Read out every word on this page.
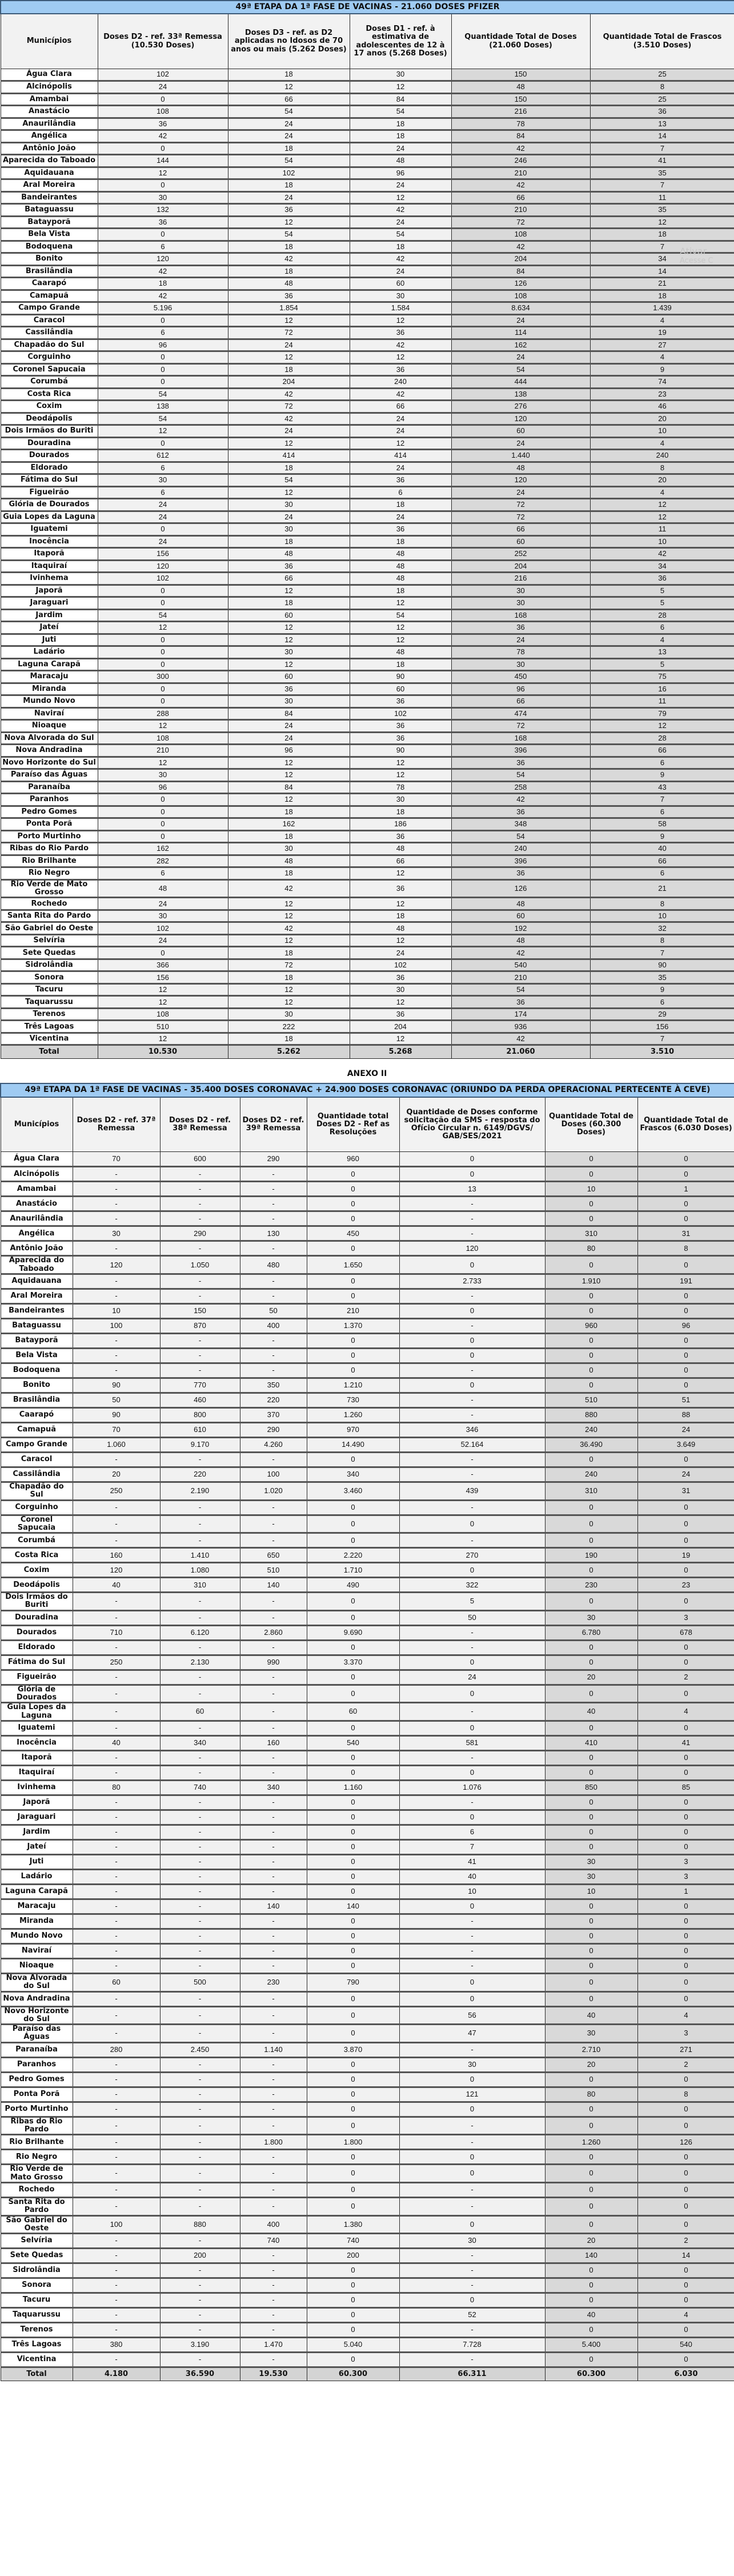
49ª ETAPA DA 1ª FASE DE VACINAS - 21.060 DOSES PFIZER					
Municípios	Doses D2 - ref. 33ª Remessa (10.530 Doses)	Doses D3 - ref. as D2 aplicadas no Idosos de 70 anos ou mais (5.262 Doses)	Doses D1 - ref. à estimativa de adolescentes de 12 à 17 anos (5.268 Doses)	Quantidade Total de Doses (21.060 Doses)	Quantidade Total de Frascos (3.510 Doses)
Água Clara	102	18	30	150	25
Alcinópolis	24	12	12	48	8
Amambai	0	66	84	150	25
Anastácio	108	54	54	216	36
Anaurilândia	36	24	18	78	13
Angélica	42	24	18	84	14
Antônio João	0	18	24	42	7
Aparecida do Taboado	144	54	48	246	41
Aquidauana	12	102	96	210	35
Aral Moreira	0	18	24	42	7
Bandeirantes	30	24	12	66	11
Bataguassu	132	36	42	210	35
Batayporã	36	12	24	72	12
Bela Vista	0	54	54	108	18
Bodoquena	6	18	18	42	7
Bonito	120	42	42	204	34
Brasilândia	42	18	24	84	14
Caarapó	18	48	60	126	21
Camapuã	42	36	30	108	18
Campo Grande	5.196	1.854	1.584	8.634	1.439
Caracol	0	12	12	24	4
Cassilândia	6	72	36	114	19
Chapadão do Sul	96	24	42	162	27
Corguinho	0	12	12	24	4
Coronel Sapucaia	0	18	36	54	9
Corumbá	0	204	240	444	74
Costa Rica	54	42	42	138	23
Coxim	138	72	66	276	46
Deodápolis	54	42	24	120	20
Dois Irmãos do Buriti	12	24	24	60	10
Douradina	0	12	12	24	4
Dourados	612	414	414	1.440	240
Eldorado	6	18	24	48	8
Fátima do Sul	30	54	36	120	20
Figueirão	6	12	6	24	4
Glória de Dourados	24	30	18	72	12
Guia Lopes da Laguna	24	24	24	72	12
Iguatemi	0	30	36	66	11
Inocência	24	18	18	60	10
Itaporã	156	48	48	252	42
Itaquiraí	120	36	48	204	34
Ivinhema	102	66	48	216	36
Japorã	0	12	18	30	5
Jaraguari	0	18	12	30	5
Jardim	54	60	54	168	28
Jateí	12	12	12	36	6
Juti	0	12	12	24	4
Ladário	0	30	48	78	13
Laguna Carapã	0	12	18	30	5
Maracaju	300	60	90	450	75
Miranda	0	36	60	96	16
Mundo Novo	0	30	36	66	11
Naviraí	288	84	102	474	79
Nioaque	12	24	36	72	12
Nova Alvorada do Sul	108	24	36	168	28
Nova Andradina	210	96	90	396	66
Novo Horizonte do Sul	12	12	12	36	6
Paraíso das Águas	30	12	12	54	9
Paranaíba	96	84	78	258	43
Paranhos	0	12	30	42	7
Pedro Gomes	0	18	18	36	6
Ponta Porã	0	162	186	348	58
Porto Murtinho	0	18	36	54	9
Ribas do Rio Pardo	162	30	48	240	40
Rio Brilhante	282	48	66	396	66
Rio Negro	6	18	12	36	6
Rio Verde de Mato Grosso	48	42	36	126	21
Rochedo	24	12	12	48	8
Santa Rita do Pardo	30	12	18	60	10
São Gabriel do Oeste	102	42	48	192	32
Selvíria	24	12	12	48	8
Sete Quedas	0	18	24	42	7
Sidrolândia	366	72	102	540	90
Sonora	156	18	36	210	35
Tacuru	12	12	30	54	9
Taquarussu	12	12	12	36	6
Terenos	108	30	36	174	29
Três Lagoas	510	222	204	936	156
Vicentina	12	18	12	42	7
Total	10.530	5.262	5.268	21.060	3.510
ANEXO II
49ª ETAPA DA 1ª FASE DE VACINAS - 35.400 DOSES CORONAVAC + 24.900 DOSES CORONAVAC (ORIUNDO DA PERDA OPERACIONAL PERTECENTE À CEVE)							
Municípios	Doses D2 - ref. 37ª Remessa	Doses D2 - ref. 38ª Remessa	Doses D2 - ref. 39ª Remessa	Quantidade total Doses D2 - Ref as Resoluções	Quantidade de Doses conforme solicitação da SMS - resposta do Ofício Circular n. 6149/DGVS/ GAB/SES/2021	Quantidade Total de Doses (60.300 Doses)	Quantidade Total de Frascos (6.030 Doses)
Água Clara	70	600	290	960	0	0	0
Alcinópolis	-	-	-	0	0	0	0
Amambai	-	-	-	0	13	10	1
Anastácio	-	-	-	0	-	0	0
Anaurilândia	-	-	-	0	-	0	0
Angélica	30	290	130	450	-	310	31
Antônio João	-	-	-	0	120	80	8
Aparecida do Taboado	120	1.050	480	1.650	0	0	0
Aquidauana	-	-	-	0	2.733	1.910	191
Aral Moreira	-	-	-	0	-	0	0
Bandeirantes	10	150	50	210	0	0	0
Bataguassu	100	870	400	1.370	-	960	96
Batayporã	-	-	-	0	0	0	0
Bela Vista	-	-	-	0	0	0	0
Bodoquena	-	-	-	0	-	0	0
Bonito	90	770	350	1.210	0	0	0
Brasilândia	50	460	220	730	-	510	51
Caarapó	90	800	370	1.260	-	880	88
Camapuã	70	610	290	970	346	240	24
Campo Grande	1.060	9.170	4.260	14.490	52.164	36.490	3.649
Caracol	-	-	-	0	-	0	0
Cassilândia	20	220	100	340	-	240	24
Chapadão do Sul	250	2.190	1.020	3.460	439	310	31
Corguinho	-	-	-	0	-	0	0
Coronel Sapucaia	-	-	-	0	0	0	0
Corumbá	-	-	-	0	-	0	0
Costa Rica	160	1.410	650	2.220	270	190	19
Coxim	120	1.080	510	1.710	0	0	0
Deodápolis	40	310	140	490	322	230	23
Dois Irmãos do Buriti	-	-	-	0	5	0	0
Douradina	-	-	-	0	50	30	3
Dourados	710	6.120	2.860	9.690	-	6.780	678
Eldorado	-	-	-	0	-	0	0
Fátima do Sul	250	2.130	990	3.370	0	0	0
Figueirão	-	-	-	0	24	20	2
Glória de Dourados	-	-	-	0	0	0	0
Guia Lopes da Laguna	-	60	-	60	-	40	4
Iguatemi	-	-	-	0	0	0	0
Inocência	40	340	160	540	581	410	41
Itaporã	-	-	-	0	-	0	0
Itaquiraí	-	-	-	0	0	0	0
Ivinhema	80	740	340	1.160	1.076	850	85
Japorã	-	-	-	0	-	0	0
Jaraguari	-	-	-	0	0	0	0
Jardim	-	-	-	0	6	0	0
Jateí	-	-	-	0	7	0	0
Juti	-	-	-	0	41	30	3
Ladário	-	-	-	0	40	30	3
Laguna Carapã	-	-	-	0	10	10	1
Maracaju	-	-	140	140	0	0	0
Miranda	-	-	-	0	-	0	0
Mundo Novo	-	-	-	0	-	0	0
Naviraí	-	-	-	0	-	0	0
Nioaque	-	-	-	0	-	0	0
Nova Alvorada do Sul	60	500	230	790	0	0	0
Nova Andradina	-	-	-	0	0	0	0
Novo Horizonte do Sul	-	-	-	0	56	40	4
Paraíso das Águas	-	-	-	0	47	30	3
Paranaíba	280	2.450	1.140	3.870	-	2.710	271
Paranhos	-	-	-	0	30	20	2
Pedro Gomes	-	-	-	0	0	0	0
Ponta Porã	-	-	-	0	121	80	8
Porto Murtinho	-	-	-	0	0	0	0
Ribas do Rio Pardo	-	-	-	0	-	0	0
Rio Brilhante	-	-	1.800	1.800	-	1.260	126
Rio Negro	-	-	-	0	0	0	0
Rio Verde de Mato Grosso	-	-	-	0	0	0	0
Rochedo	-	-	-	0	-	0	0
Santa Rita do Pardo	-	-	-	0	-	0	0
São Gabriel do Oeste	100	880	400	1.380	0	0	0
Selvíria	-	-	740	740	30	20	2
Sete Quedas	-	200	-	200	-	140	14
Sidrolândia	-	-	-	0	-	0	0
Sonora	-	-	-	0	-	0	0
Tacuru	-	-	-	0	0	0	0
Taquarussu	-	-	-	0	52	40	4
Terenos	-	-	-	0	-	0	0
Três Lagoas	380	3.190	1.470	5.040	7.728	5.400	540
Vicentina	-	-	-	0	-	0	0
Total	4.180	36.590	19.530	60.300	66.311	60.300	6.030
Ativar
Acesse C
